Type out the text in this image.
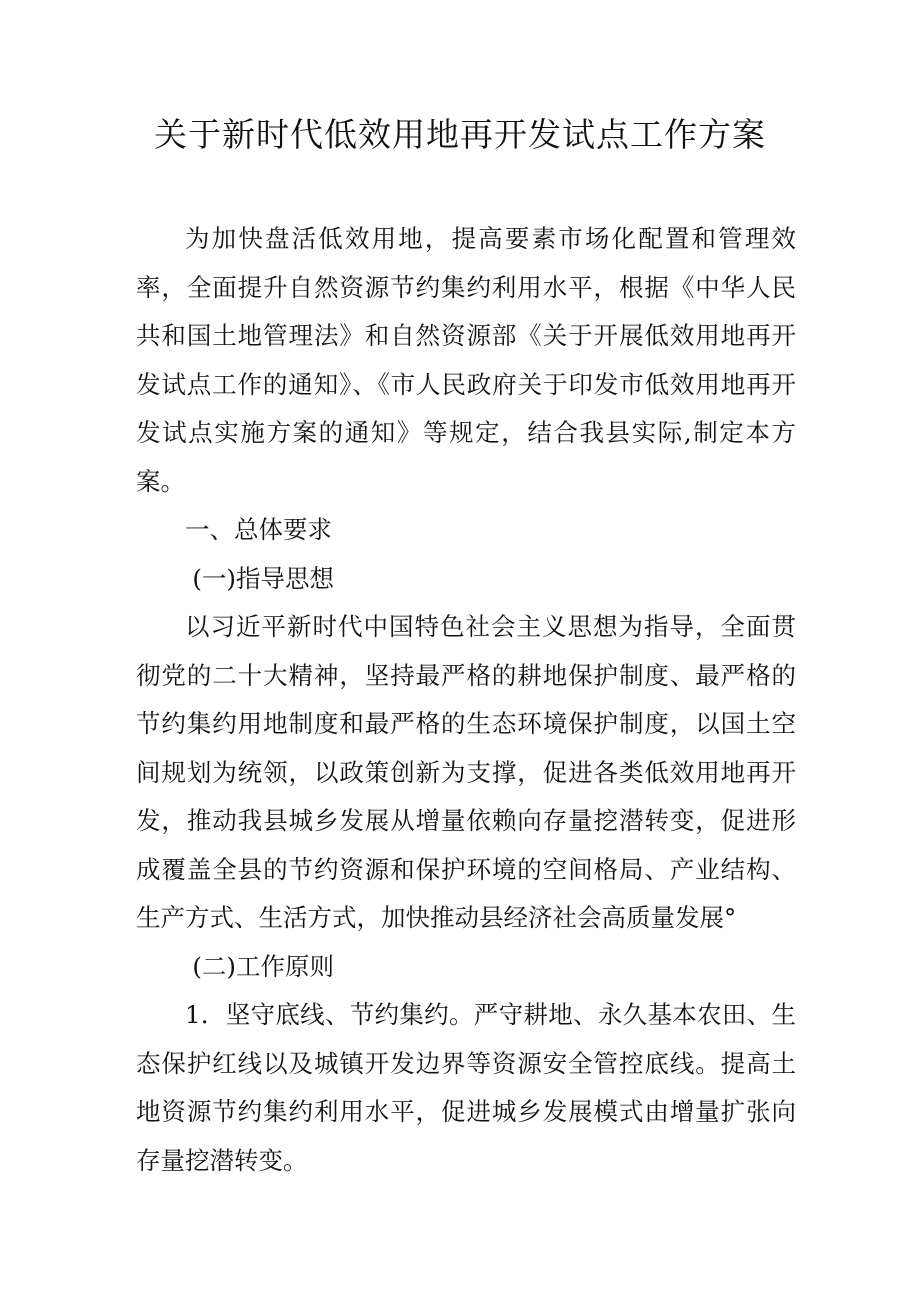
关于新时代低效用地再开发试点工作方案

为加快盘活低效用地，提高要素市场化配置和管理效率，全面提升自然资源节约集约利用水平，根据《中华人民共和国土地管理法》和自然资源部《关于开展低效用地再开发试点工作的通知》、《市人民政府关于印发市低效用地再开发试点实施方案的通知》等规定，结合我县实际,制定本方案。

一、总体要求

(一)指导思想

以习近平新时代中国特色社会主义思想为指导，全面贯彻党的二十大精神，坚持最严格的耕地保护制度、最严格的节约集约用地制度和最严格的生态环境保护制度，以国土空间规划为统领，以政策创新为支撑，促进各类低效用地再开发，推动我县城乡发展从增量依赖向存量挖潜转变，促进形成覆盖全县的节约资源和保护环境的空间格局、产业结构、生产方式、生活方式，加快推动县经济社会高质量发展°

(二)工作原则

1．坚守底线、节约集约。严守耕地、永久基本农田、生态保护红线以及城镇开发边界等资源安全管控底线。提高土地资源节约集约利用水平，促进城乡发展模式由增量扩张向存量挖潜转变。
